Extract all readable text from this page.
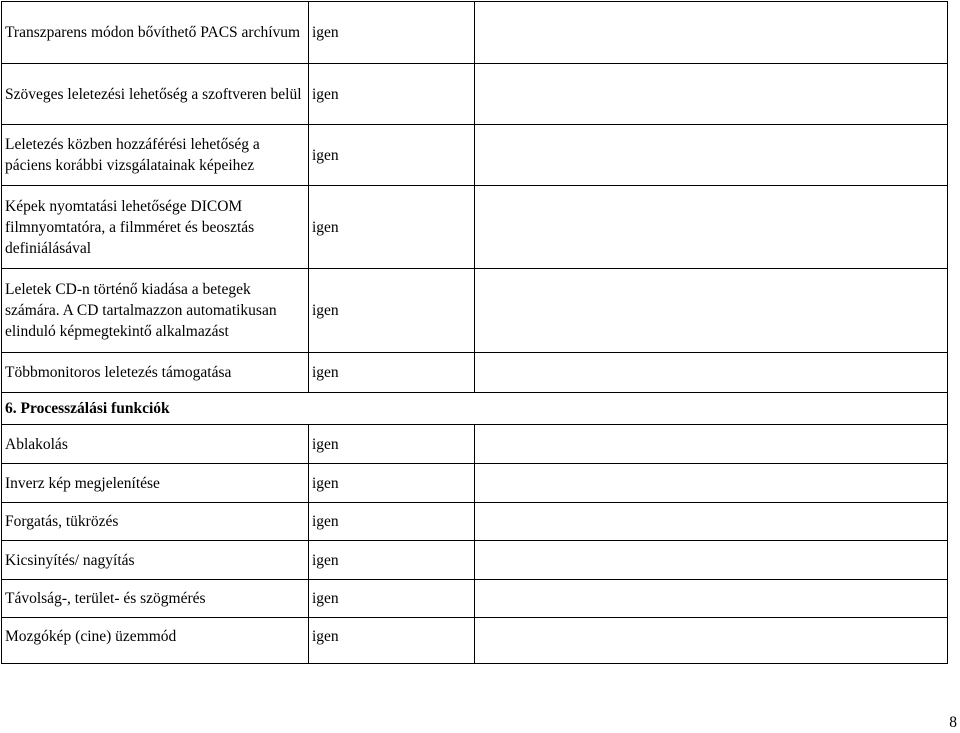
Transzparens módon bővíthető PACS archívum	igen	
Szöveges leletezési lehetőség a szoftveren belül	igen	
Leletezés közben hozzáférési lehetőség a páciens korábbi vizsgálatainak képeihez	igen	
Képek nyomtatási lehetősége DICOM filmnyomtatóra, a filmméret és beosztás definiálásával	igen	
Leletek CD-n történő kiadása a betegek számára. A CD tartalmazzon automatikusan elinduló képmegtekintő alkalmazást	igen	
Többmonitoros leletezés támogatása	igen	
6. Processzálási funkciók		
Ablakolás	igen	
Inverz kép megjelenítése	igen	
Forgatás, tükrözés	igen	
Kicsinyítés/ nagyítás	igen	
Távolság-, terület- és szögmérés	igen	
Mozgókép (cine) üzemmód	igen	
8
